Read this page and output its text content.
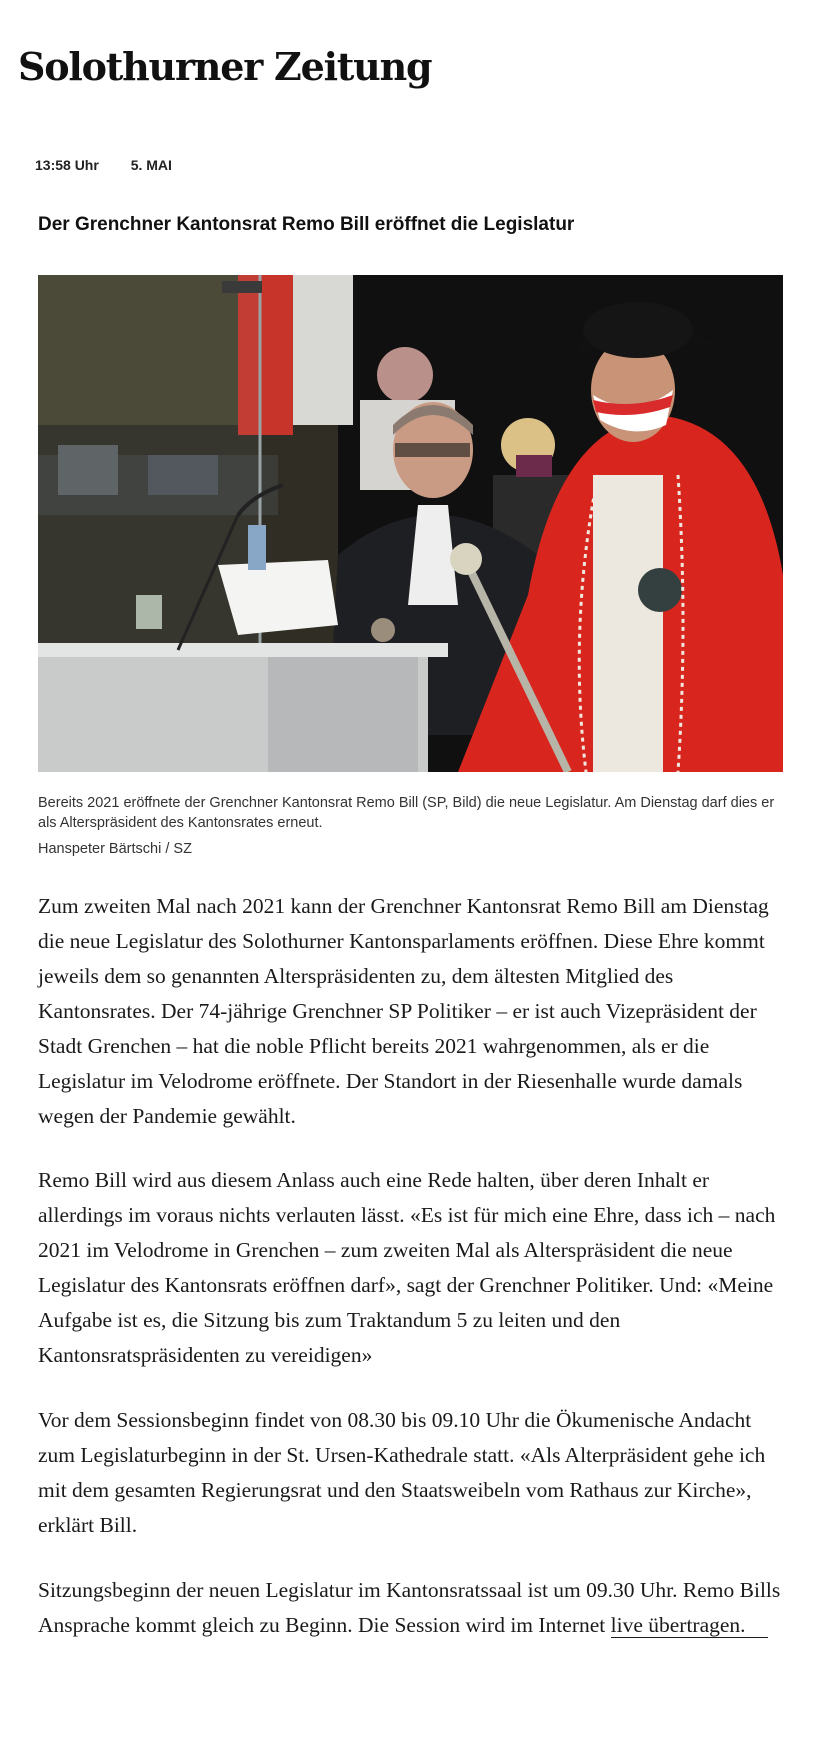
Solothurner Zeitung
13:58 Uhr 5. MAI
Der Grenchner Kantonsrat Remo Bill eröffnet die Legislatur
Bereits 2021 eröffnete der Grenchner Kantonsrat Remo Bill (SP, Bild) die neue Legislatur. Am Dienstag darf dies er als Alterspräsident des Kantonsrates erneut.
Hanspeter Bärtschi / SZ

Zum zweiten Mal nach 2021 kann der Grenchner Kantonsrat Remo Bill am Dienstag die neue Legislatur des Solothurner Kantonsparlaments eröffnen. Diese Ehre kommt jeweils dem so genannten Alterspräsidenten zu, dem ältesten Mitglied des Kantonsrates. Der 74-jährige Grenchner SP Politiker – er ist auch Vizepräsident der Stadt Grenchen – hat die noble Pflicht bereits 2021 wahrgenommen, als er die Legislatur im Velodrome eröffnete. Der Standort in der Riesenhalle wurde damals wegen der Pandemie gewählt.

Remo Bill wird aus diesem Anlass auch eine Rede halten, über deren Inhalt er allerdings im voraus nichts verlauten lässt. «Es ist für mich eine Ehre, dass ich – nach 2021 im Velodrome in Grenchen – zum zweiten Mal als Alterspräsident die neue Legislatur des Kantonsrats eröffnen darf», sagt der Grenchner Politiker. Und: «Meine Aufgabe ist es, die Sitzung bis zum Traktandum 5 zu leiten und den Kantonsratspräsidenten zu vereidigen»

Vor dem Sessionsbeginn findet von 08.30 bis 09.10 Uhr die Ökumenische Andacht zum Legislaturbeginn in der St. Ursen-Kathedrale statt. «Als Alterpräsident gehe ich mit dem gesamten Regierungsrat und den Staatsweibeln vom Rathaus zur Kirche», erklärt Bill.

Sitzungsbeginn der neuen Legislatur im Kantonsratssaal ist um 09.30 Uhr. Remo Bills Ansprache kommt gleich zu Beginn. Die Session wird im Internet live übertragen.
